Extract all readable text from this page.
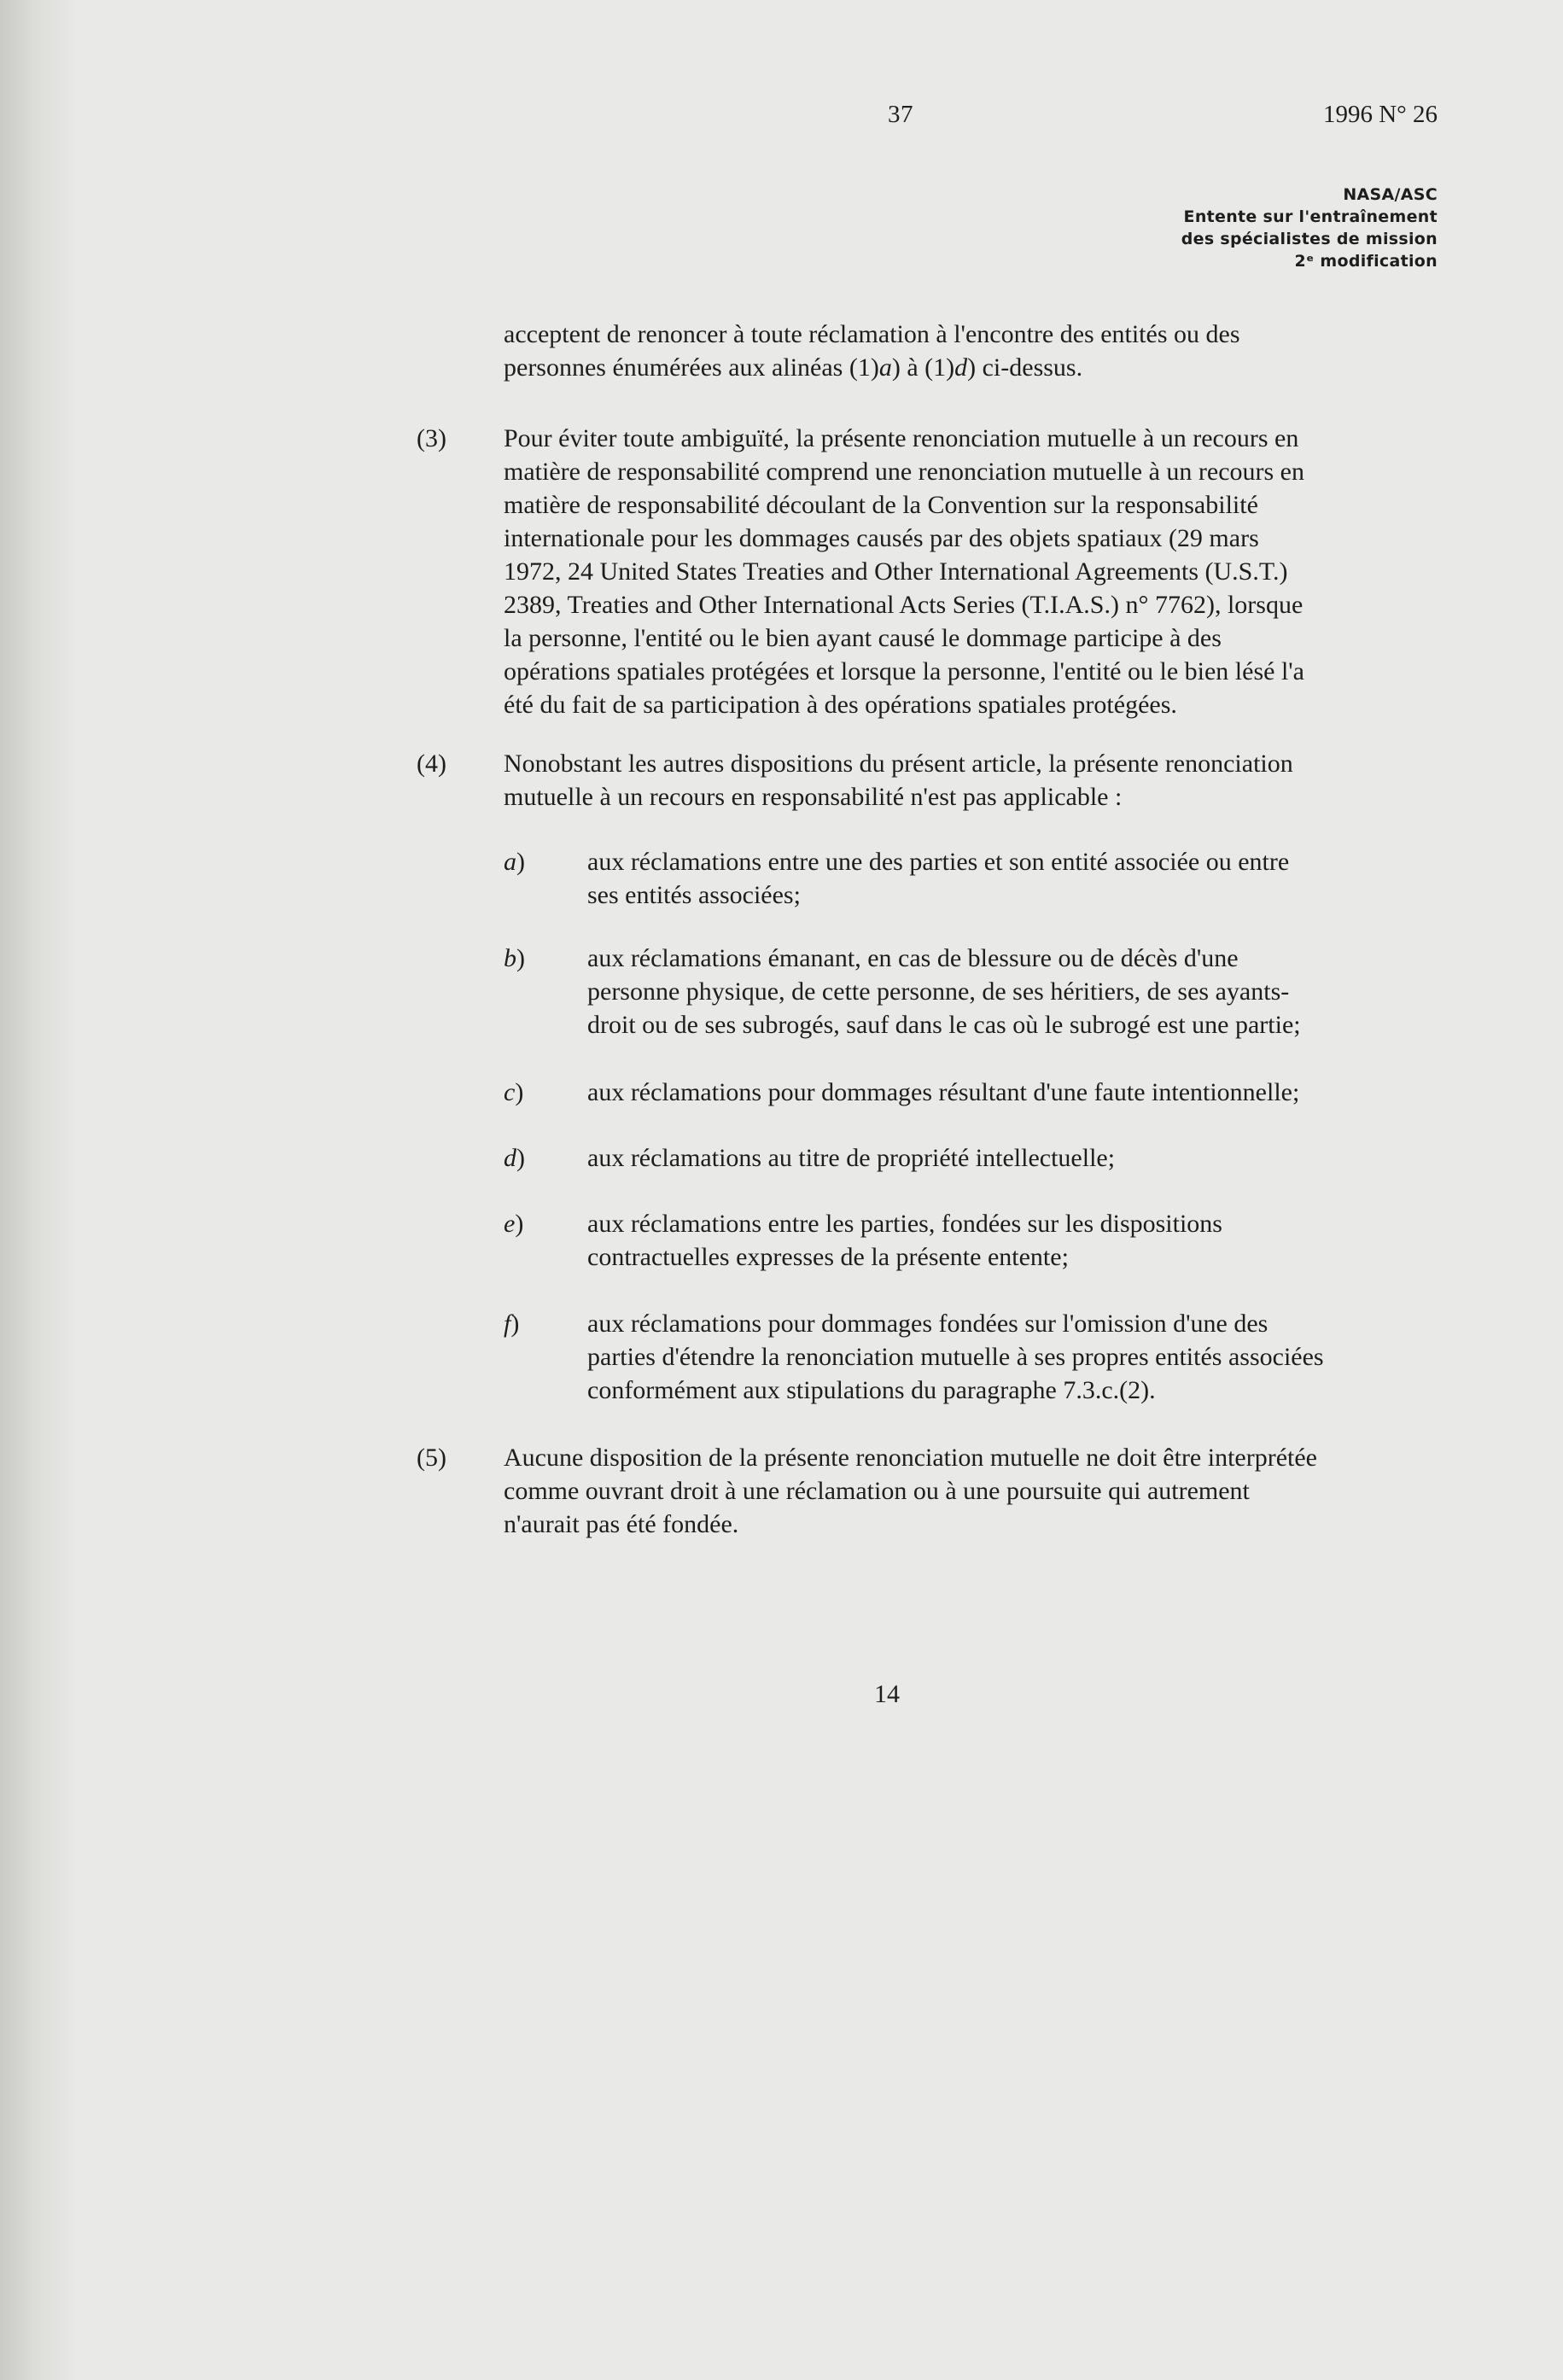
37	1996 N° 26
NASA/ASC
Entente sur l'entraînement
des spécialistes de mission
2ᵉ modification
acceptent de renoncer à toute réclamation à l'encontre des entités ou des
personnes énumérées aux alinéas (1)a) à (1)d) ci-dessus.
(3) Pour éviter toute ambiguïté, la présente renonciation mutuelle à un recours en
matière de responsabilité comprend une renonciation mutuelle à un recours en
matière de responsabilité découlant de la Convention sur la responsabilité
internationale pour les dommages causés par des objets spatiaux (29 mars
1972, 24 United States Treaties and Other International Agreements (U.S.T.)
2389, Treaties and Other International Acts Series (T.I.A.S.) n° 7762), lorsque
la personne, l'entité ou le bien ayant causé le dommage participe à des
opérations spatiales protégées et lorsque la personne, l'entité ou le bien lésé l'a
été du fait de sa participation à des opérations spatiales protégées.
(4) Nonobstant les autres dispositions du présent article, la présente renonciation
mutuelle à un recours en responsabilité n'est pas applicable :
a) aux réclamations entre une des parties et son entité associée ou entre
ses entités associées;
b) aux réclamations émanant, en cas de blessure ou de décès d'une
personne physique, de cette personne, de ses héritiers, de ses ayants-
droit ou de ses subrogés, sauf dans le cas où le subrogé est une partie;
c) aux réclamations pour dommages résultant d'une faute intentionnelle;
d) aux réclamations au titre de propriété intellectuelle;
e) aux réclamations entre les parties, fondées sur les dispositions
contractuelles expresses de la présente entente;
f)	aux réclamations pour dommages fondées sur l'omission d'une des
parties d'étendre la renonciation mutuelle à ses propres entités associées
conformément aux stipulations du paragraphe 7.3.c.(2).
(5) Aucune disposition de la présente renonciation mutuelle ne doit être interprétée
comme ouvrant droit à une réclamation ou à une poursuite qui autrement
n'aurait pas été fondée.
14
